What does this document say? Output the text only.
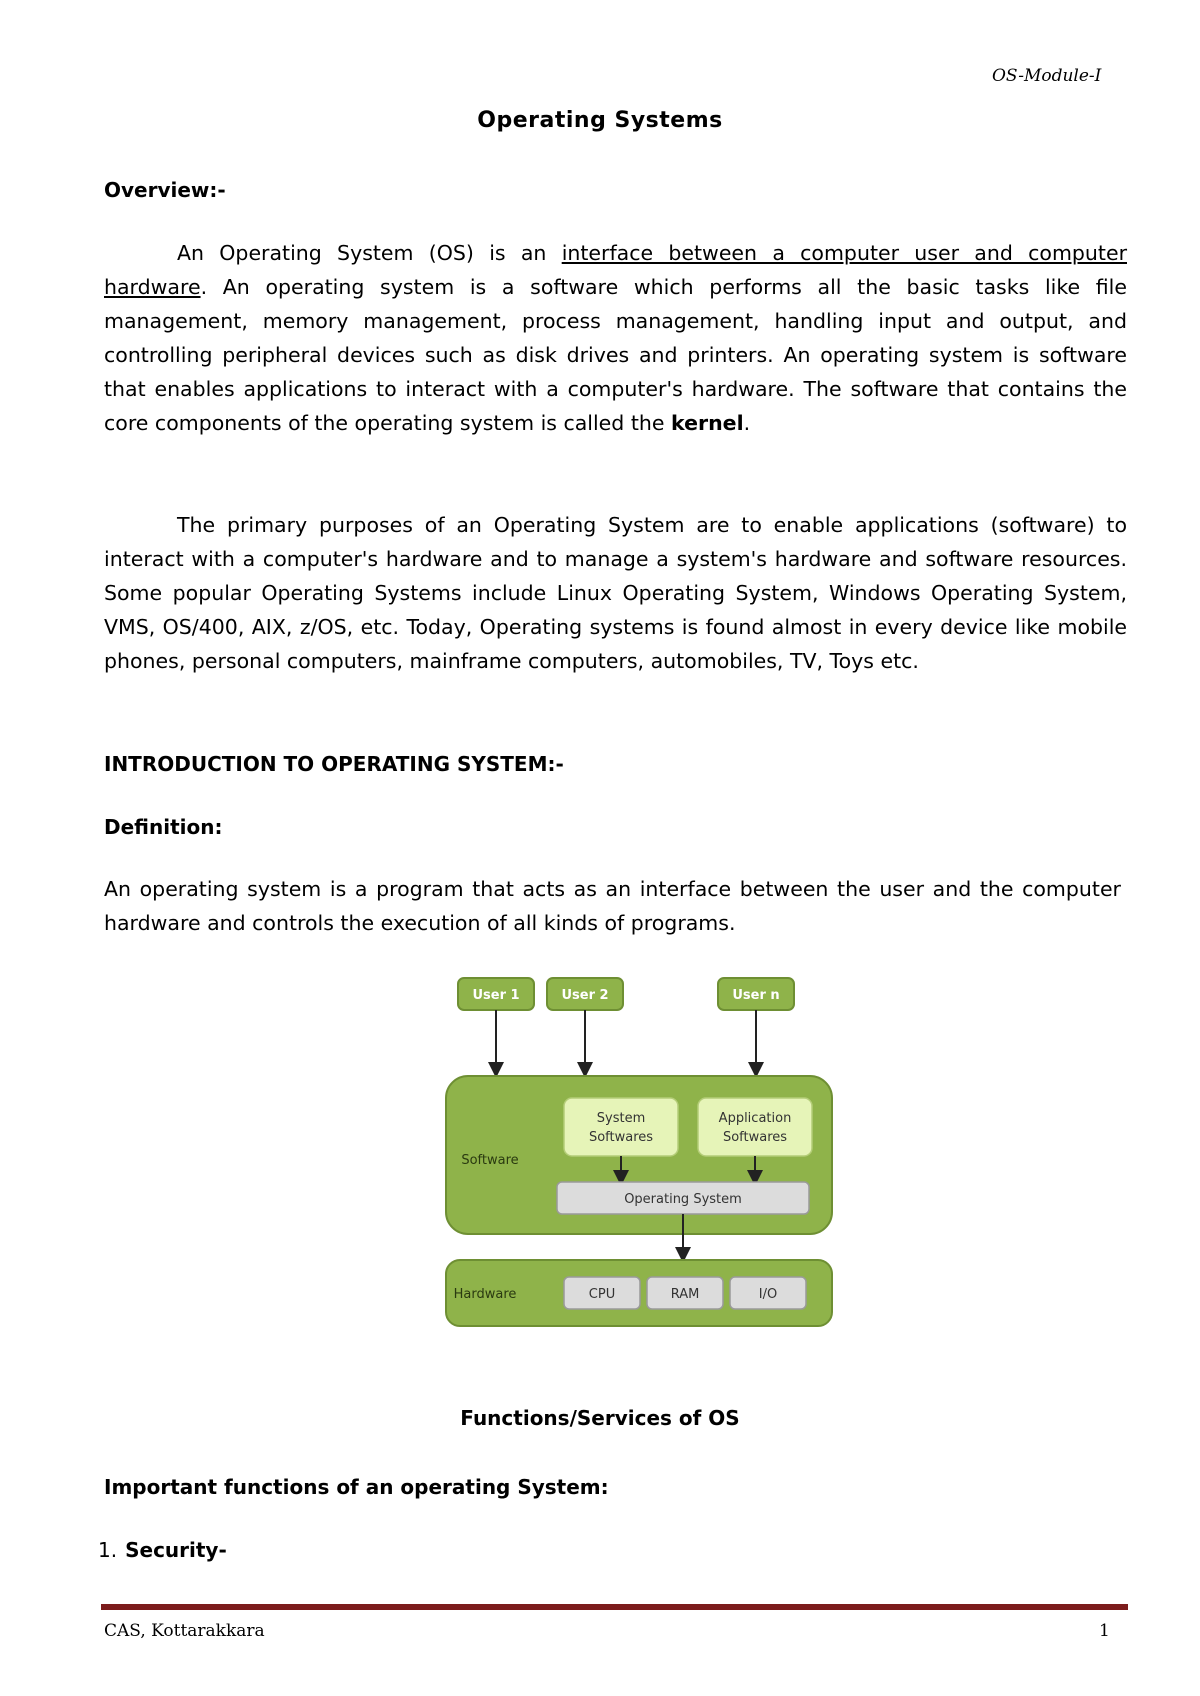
OS-Module-I
Operating Systems
Overview:-

An Operating System (OS) is an interface between a computer user and computer hardware. An operating system is a software which performs all the basic tasks like file management, memory management, process management, handling input and output, and controlling peripheral devices such as disk drives and printers. An operating system is software that enables applications to interact with a computer's hardware. The software that contains the core components of the operating system is called the kernel.

The primary purposes of an Operating System are to enable applications (software) to interact with a computer's hardware and to manage a system's hardware and software resources. Some popular Operating Systems include Linux Operating System, Windows Operating System, VMS, OS/400, AIX, z/OS, etc. Today, Operating systems is found almost in every device like mobile phones, personal computers, mainframe computers, automobiles, TV, Toys etc.

INTRODUCTION TO OPERATING SYSTEM:-
Definition:

An operating system is a program that acts as an interface between the user and the computer hardware and controls the execution of all kinds of programs.

User 1	User 2	User n
Software
System
Softwares
Application
Softwares
Operating System
Hardware	CPU	RAM	I/O
Functions/Services of OS
Important functions of an operating System:
1. Security-
CAS, Kottarakkara	1
